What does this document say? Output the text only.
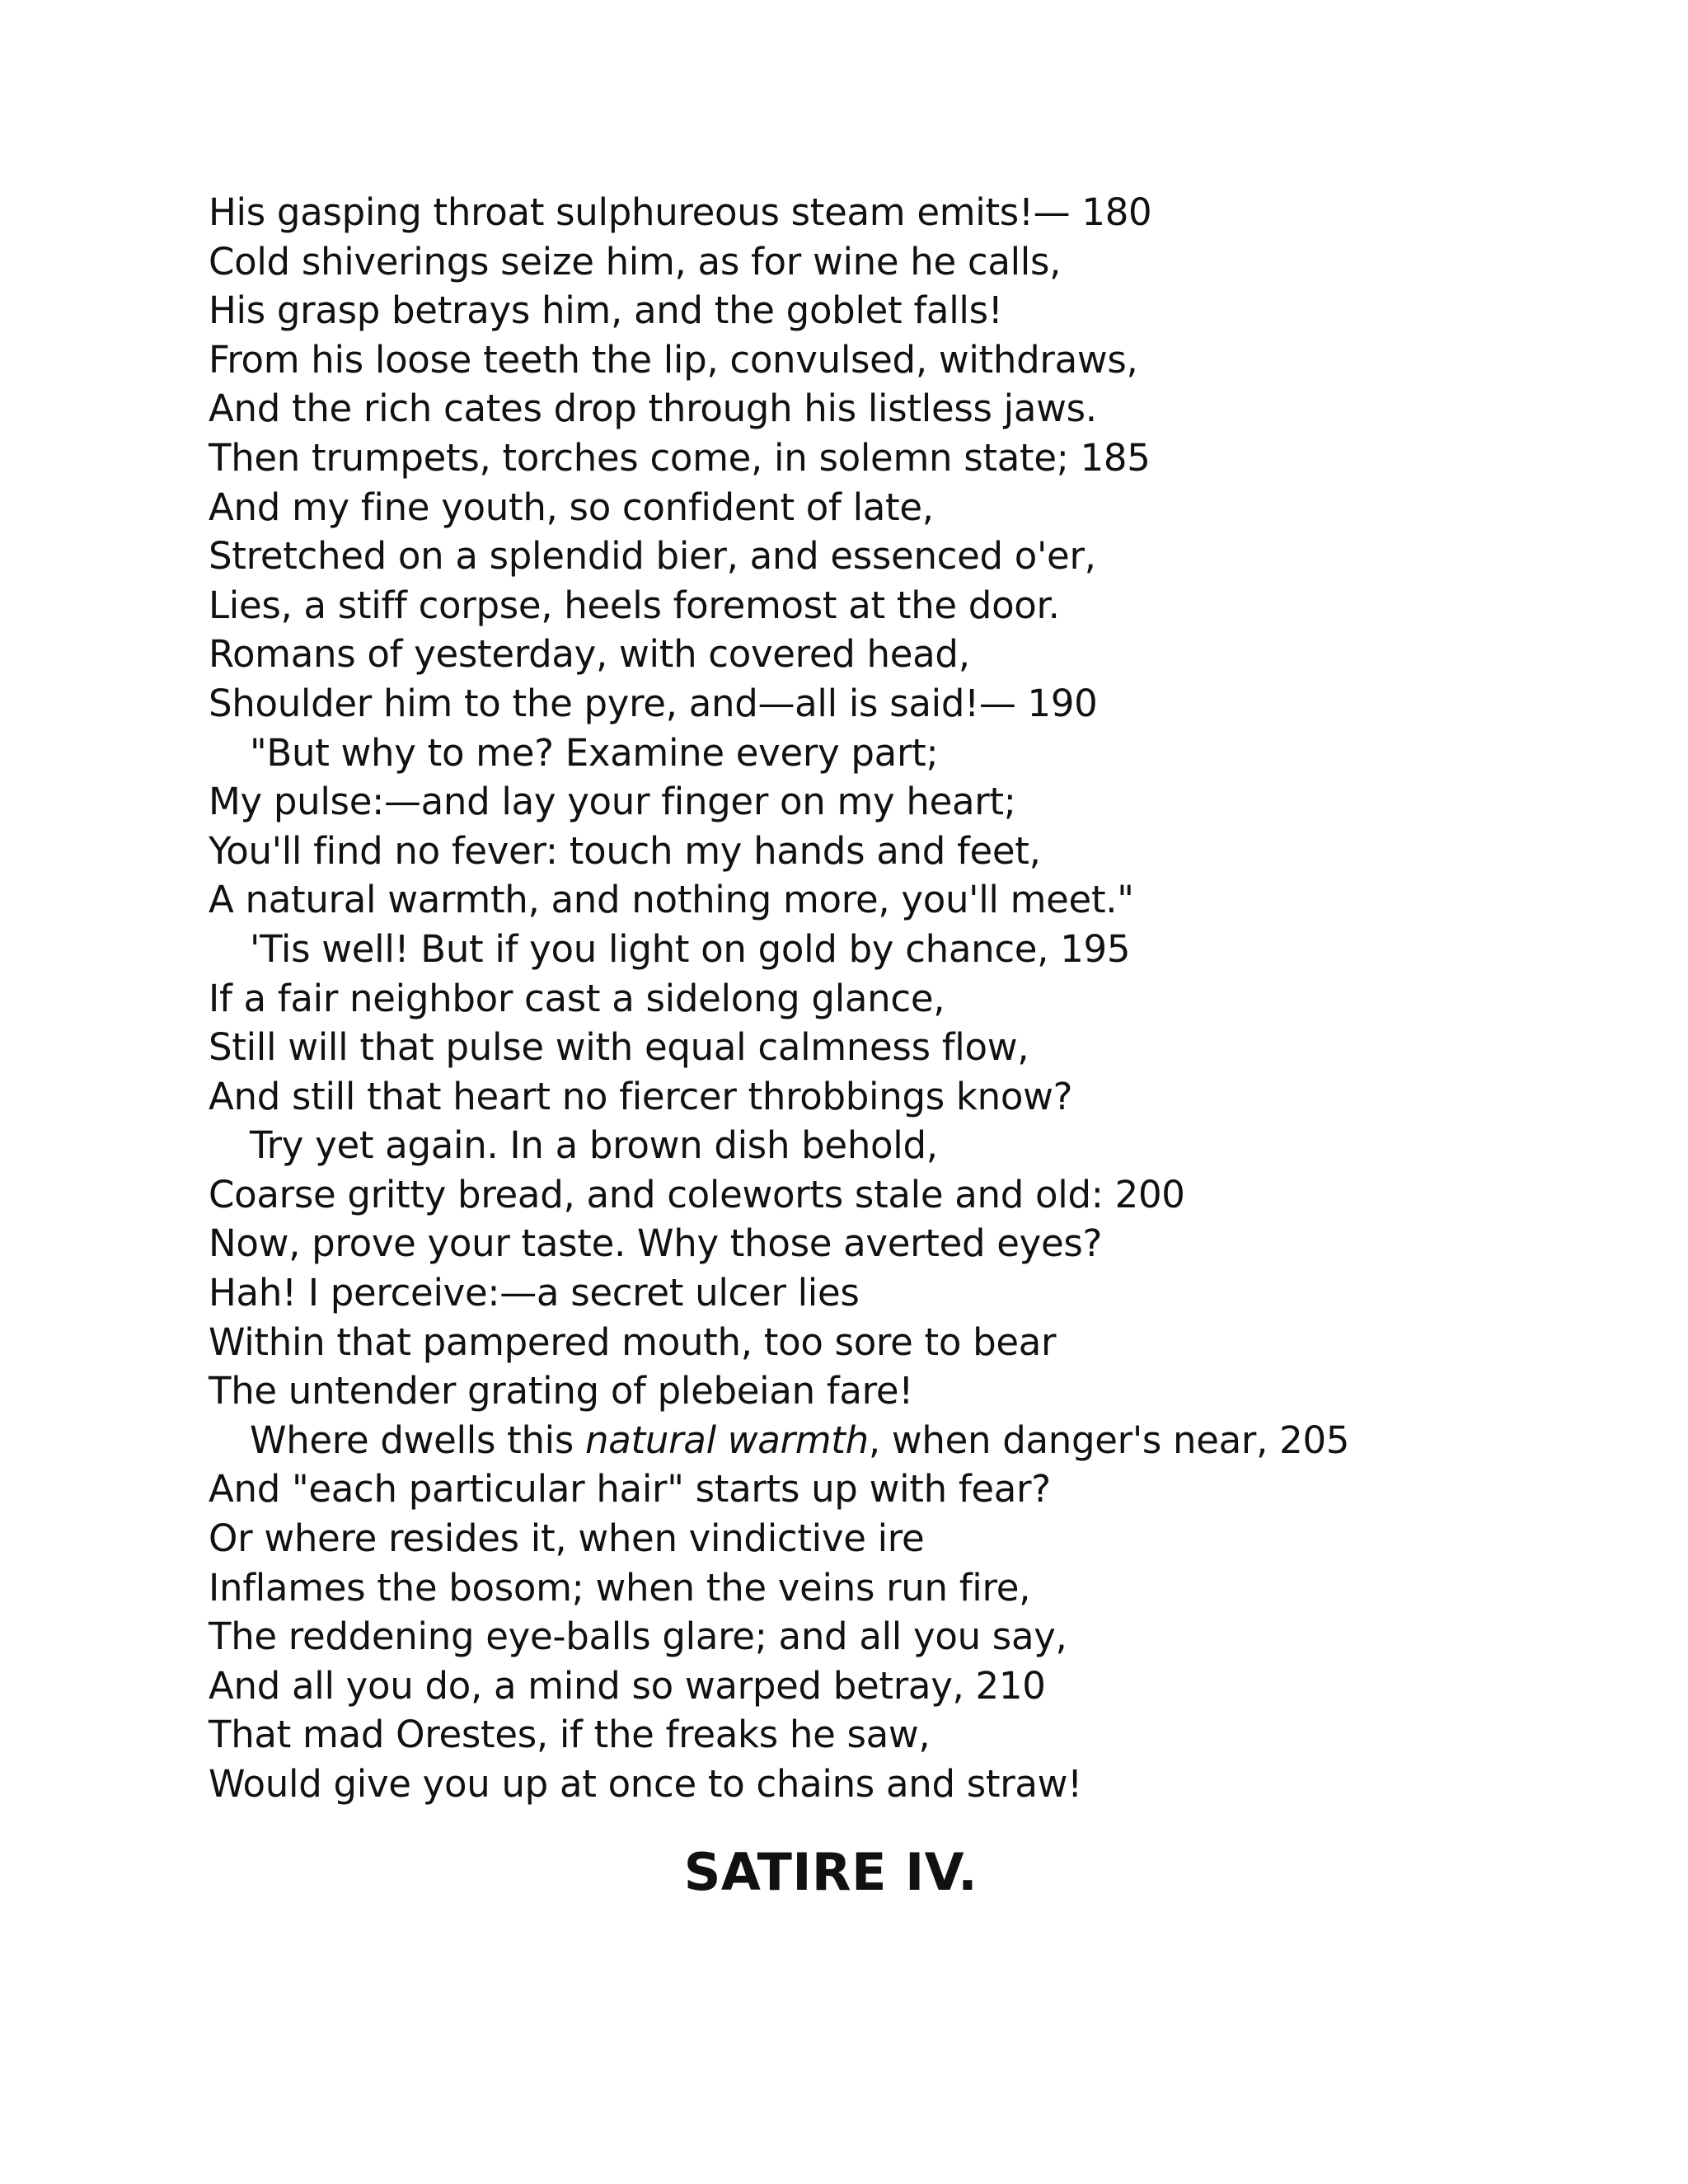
His gasping throat sulphureous steam emits!— 180
Cold shiverings seize him, as for wine he calls,
His grasp betrays him, and the goblet falls!
From his loose teeth the lip, convulsed, withdraws,
And the rich cates drop through his listless jaws.
Then trumpets, torches come, in solemn state; 185
And my fine youth, so confident of late,
Stretched on a splendid bier, and essenced o'er,
Lies, a stiff corpse, heels foremost at the door.
Romans of yesterday, with covered head,
Shoulder him to the pyre, and—all is said!— 190
"But why to me? Examine every part;
My pulse:—and lay your finger on my heart;
You'll find no fever: touch my hands and feet,
A natural warmth, and nothing more, you'll meet."
'Tis well! But if you light on gold by chance, 195
If a fair neighbor cast a sidelong glance,
Still will that pulse with equal calmness flow,
And still that heart no fiercer throbbings know?
Try yet again. In a brown dish behold,
Coarse gritty bread, and coleworts stale and old: 200
Now, prove your taste. Why those averted eyes?
Hah! I perceive:—a secret ulcer lies
Within that pampered mouth, too sore to bear
The untender grating of plebeian fare!
Where dwells this natural warmth, when danger's near, 205
And "each particular hair" starts up with fear?
Or where resides it, when vindictive ire
Inflames the bosom; when the veins run fire,
The reddening eye-balls glare; and all you say,
And all you do, a mind so warped betray, 210
That mad Orestes, if the freaks he saw,
Would give you up at once to chains and straw!
SATIRE IV.
